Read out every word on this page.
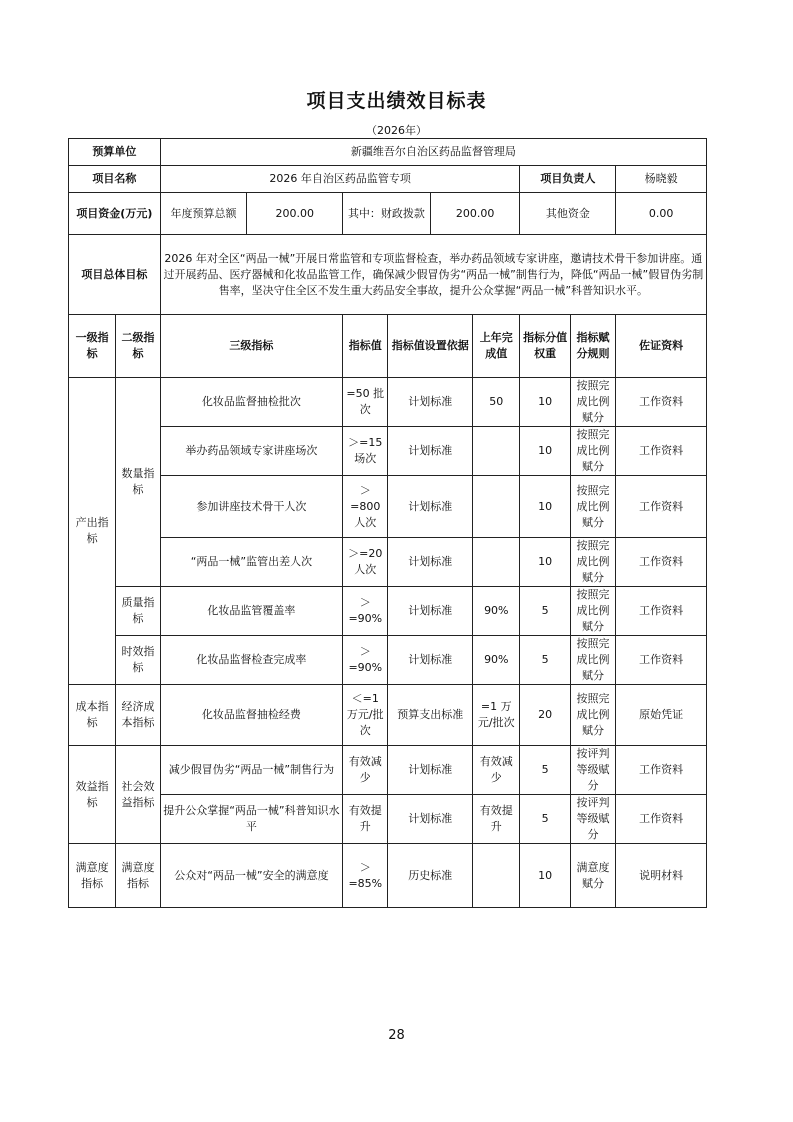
项目支出绩效目标表
（2026年）
预算单位		新疆维吾尔自治区药品监督管理局								
项目名称		2026 年自治区药品监管专项						项目负责人		杨晓毅
项目资金(万元)		年度预算总额	200.00	其中：财政拨款		200.00		其他资金		0.00
项目总体目标		2026 年对全区“两品一械”开展日常监管和专项监督检查，举办药品领域专家讲座，邀请技术骨干参加讲座。通过开展药品、医疗器械和化妆品监管工作，确保减少假冒伪劣“两品一械”制售行为，降低“两品一械”假冒伪劣制售率，坚决守住全区不发生重大药品安全事故，提升公众掌握“两品一械”科普知识水平。								
一级指标	二级指标	三级指标		指标值	指标值设置依据		上年完成值	指标分值权重	指标赋分规则	佐证资料
产出指标	数量指标	化妆品监督抽检批次		=50 批次	计划标准		50	10	按照完成比例赋分	工作资料
		举办药品领域专家讲座场次		＞=15 场次	计划标准			10	按照完成比例赋分	工作资料
		参加讲座技术骨干人次		＞=800 人次	计划标准			10	按照完成比例赋分	工作资料
		“两品一械”监管出差人次		＞=20 人次	计划标准			10	按照完成比例赋分	工作资料
	质量指标	化妆品监管覆盖率		＞=90%	计划标准		90%	5	按照完成比例赋分	工作资料
	时效指标	化妆品监督检查完成率		＞=90%	计划标准		90%	5	按照完成比例赋分	工作资料
成本指标	经济成本指标	化妆品监督抽检经费		＜=1 万元/批次	预算支出标准		=1 万元/批次	20	按照完成比例赋分	原始凭证
效益指标	社会效益指标	减少假冒伪劣“两品一械”制售行为		有效减少	计划标准		有效减少	5	按评判等级赋分	工作资料
		提升公众掌握“两品一械”科普知识水平		有效提升	计划标准		有效提升	5	按评判等级赋分	工作资料
满意度指标	满意度指标	公众对“两品一械”安全的满意度		＞=85%	历史标准			10	满意度赋分	说明材料
28
